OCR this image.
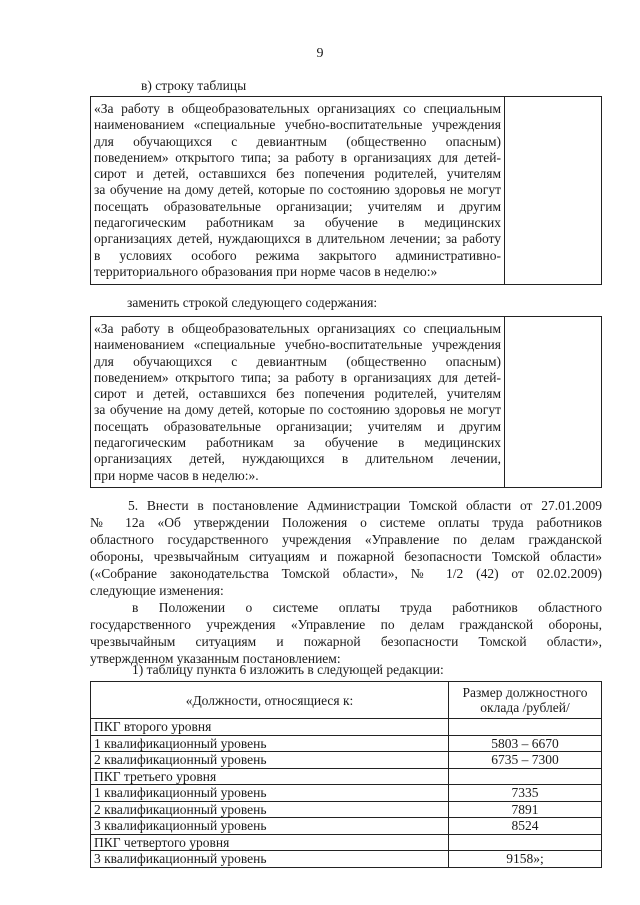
9
в) строку таблицы
«За работу в общеобразовательных организациях со специальным
наименованием «специальные учебно-воспитательные учреждения
для обучающихся с девиантным (общественно опасным)
поведением» открытого типа; за работу в организациях для детей-
сирот и детей, оставшихся без попечения родителей, учителям
за обучение на дому детей, которые по состоянию здоровья не могут
посещать образовательные организации; учителям и другим
педагогическим работникам за обучение в медицинских
организациях детей, нуждающихся в длительном лечении; за работу
в условиях особого режима закрытого административно-
территориального образования при норме часов в неделю:»
заменить строкой следующего содержания:
«За работу в общеобразовательных организациях со специальным
наименованием «специальные учебно-воспитательные учреждения
для обучающихся с девиантным (общественно опасным)
поведением» открытого типа; за работу в организациях для детей-
сирот и детей, оставшихся без попечения родителей, учителям
за обучение на дому детей, которые по состоянию здоровья не могут
посещать образовательные организации; учителям и другим
педагогическим работникам за обучение в медицинских
организациях детей, нуждающихся в длительном лечении,
при норме часов в неделю:».
5. Внести в постановление Администрации Томской области от 27.01.2009
№ 12а «Об утверждении Положения о системе оплаты труда работников
областного государственного учреждения «Управление по делам гражданской
обороны, чрезвычайным ситуациям и пожарной безопасности Томской области»
(«Собрание законодательства Томской области», № 1/2 (42) от 02.02.2009)
следующие изменения:
в Положении о системе оплаты труда работников областного
государственного учреждения «Управление по делам гражданской обороны,
чрезвычайным ситуациям и пожарной безопасности Томской области»,
утвержденном указанным постановлением:
1) таблицу пункта 6 изложить в следующей редакции:
«Должности, относящиеся к:	Размер должностного
оклада /рублей/

ПКГ второго уровня	
1 квалификационный уровень	5803 – 6670
2 квалификационный уровень	6735 – 7300
ПКГ третьего уровня	
1 квалификационный уровень	7335
2 квалификационный уровень	7891
3 квалификационный уровень	8524
ПКГ четвертого уровня	
3 квалификационный уровень	9158»;
